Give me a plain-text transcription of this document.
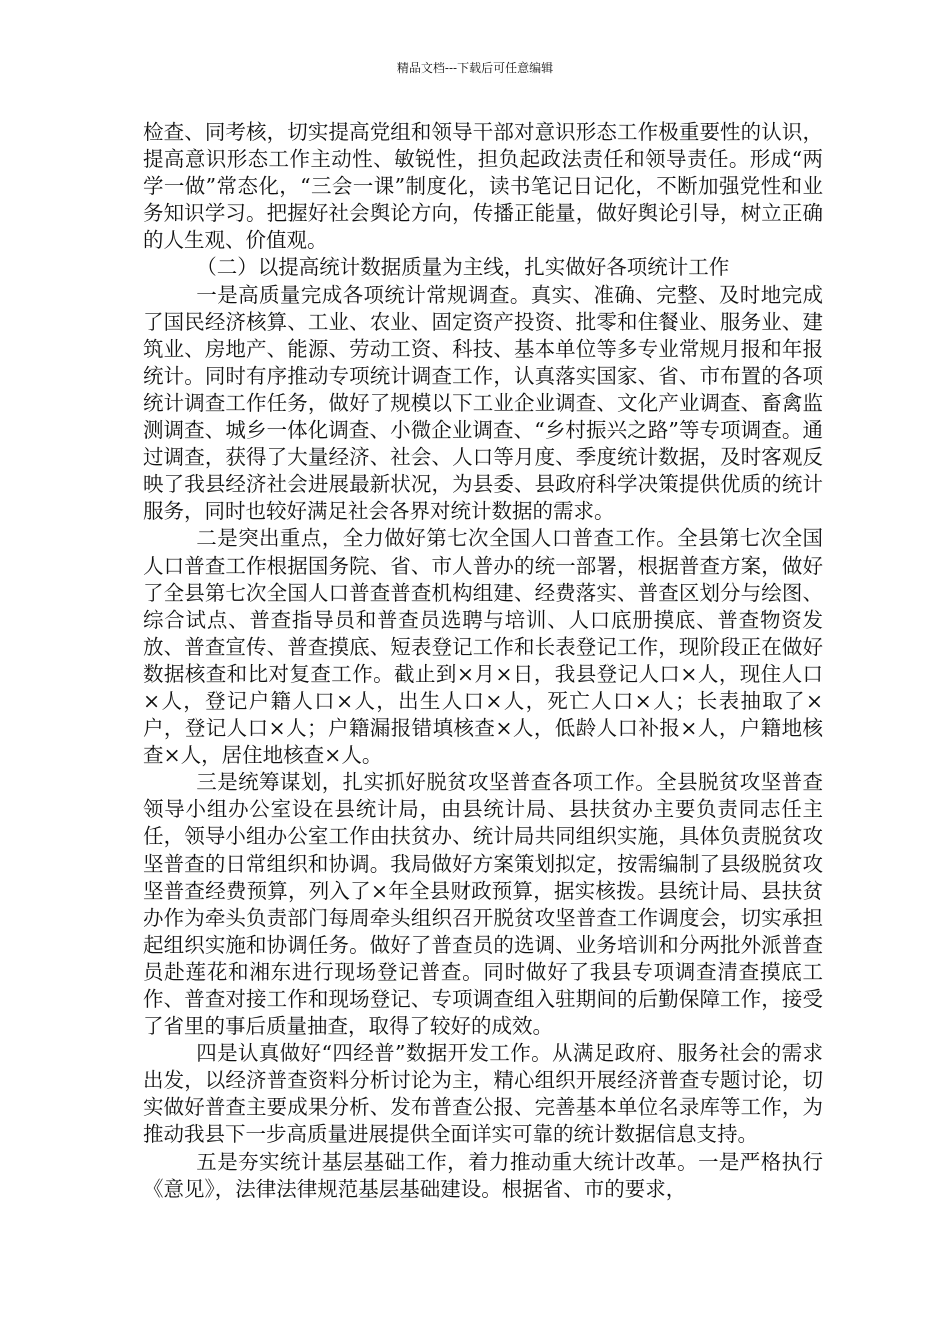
精品文档---下载后可任意编辑

检查、同考核，切实提高党组和领导干部对意识形态工作极重要性的认识，提高意识形态工作主动性、敏锐性，担负起政法责任和领导责任。形成“两学一做”常态化，“三会一课”制度化，读书笔记日记化，不断加强党性和业务知识学习。把握好社会舆论方向，传播正能量，做好舆论引导，树立正确的人生观、价值观。

（二）以提高统计数据质量为主线，扎实做好各项统计工作

一是高质量完成各项统计常规调查。真实、准确、完整、及时地完成了国民经济核算、工业、农业、固定资产投资、批零和住餐业、服务业、建筑业、房地产、能源、劳动工资、科技、基本单位等多专业常规月报和年报统计。同时有序推动专项统计调查工作，认真落实国家、省、市布置的各项统计调查工作任务，做好了规模以下工业企业调查、文化产业调查、畜禽监测调查、城乡一体化调查、小微企业调查、“乡村振兴之路”等专项调查。通过调查，获得了大量经济、社会、人口等月度、季度统计数据，及时客观反映了我县经济社会进展最新状况，为县委、县政府科学决策提供优质的统计服务，同时也较好满足社会各界对统计数据的需求。

二是突出重点，全力做好第七次全国人口普查工作。全县第七次全国人口普查工作根据国务院、省、市人普办的统一部署，根据普查方案，做好了全县第七次全国人口普查普查机构组建、经费落实、普查区划分与绘图、综合试点、普查指导员和普查员选聘与培训、人口底册摸底、普查物资发放、普查宣传、普查摸底、短表登记工作和长表登记工作，现阶段正在做好数据核查和比对复查工作。截止到×月×日，我县登记人口×人，现住人口×人，登记户籍人口×人，出生人口×人，死亡人口×人；长表抽取了×户，登记人口×人；户籍漏报错填核查×人，低龄人口补报×人，户籍地核查×人，居住地核查×人。

三是统筹谋划，扎实抓好脱贫攻坚普查各项工作。全县脱贫攻坚普查领导小组办公室设在县统计局，由县统计局、县扶贫办主要负责同志任主任，领导小组办公室工作由扶贫办、统计局共同组织实施，具体负责脱贫攻坚普查的日常组织和协调。我局做好方案策划拟定，按需编制了县级脱贫攻坚普查经费预算，列入了×年全县财政预算，据实核拨。县统计局、县扶贫办作为牵头负责部门每周牵头组织召开脱贫攻坚普查工作调度会，切实承担起组织实施和协调任务。做好了普查员的选调、业务培训和分两批外派普查员赴莲花和湘东进行现场登记普查。同时做好了我县专项调查清查摸底工作、普查对接工作和现场登记、专项调查组入驻期间的后勤保障工作，接受了省里的事后质量抽查，取得了较好的成效。

四是认真做好“四经普”数据开发工作。从满足政府、服务社会的需求出发，以经济普查资料分析讨论为主，精心组织开展经济普查专题讨论，切实做好普查主要成果分析、发布普查公报、完善基本单位名录库等工作，为推动我县下一步高质量进展提供全面详实可靠的统计数据信息支持。

五是夯实统计基层基础工作，着力推动重大统计改革。一是严格执行《意见》，法律法律规范基层基础建设。根据省、市的要求，
